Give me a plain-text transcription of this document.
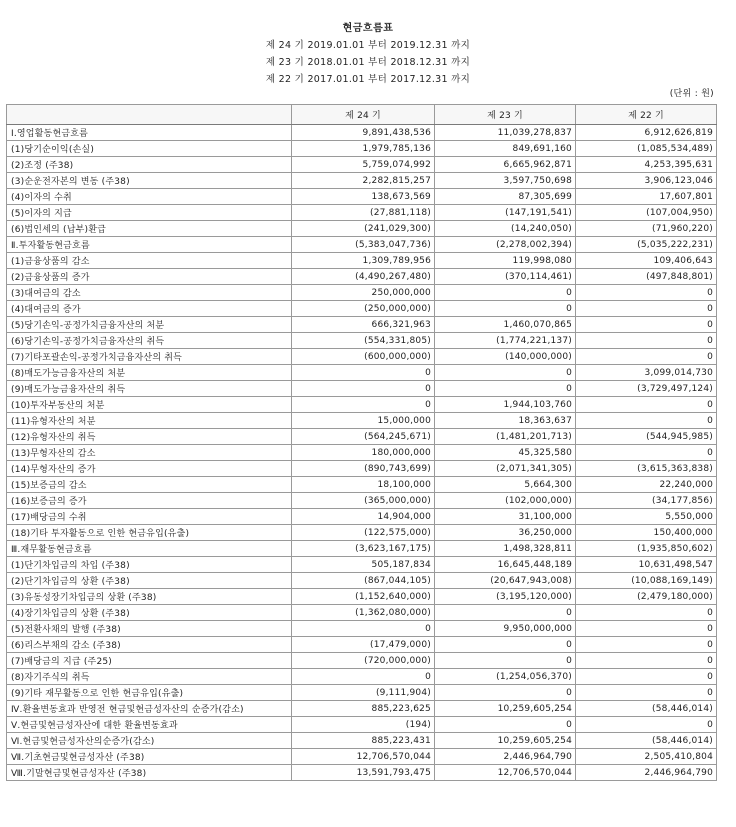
현금흐름표
제 24 기 2019.01.01 부터 2019.12.31 까지
제 23 기 2018.01.01 부터 2018.12.31 까지
제 22 기 2017.01.01 부터 2017.12.31 까지
(단위 : 원)
	제 24 기	제 23 기	제 22 기
Ⅰ.영업활동현금흐름	9,891,438,536	11,039,278,837	6,912,626,819
(1)당기순이익(손실)	1,979,785,136	849,691,160	(1,085,534,489)
(2)조정 (주38)	5,759,074,992	6,665,962,871	4,253,395,631
(3)순운전자본의 변동 (주38)	2,282,815,257	3,597,750,698	3,906,123,046
(4)이자의 수취	138,673,569	87,305,699	17,607,801
(5)이자의 지급	(27,881,118)	(147,191,541)	(107,004,950)
(6)법인세의 (납부)환급	(241,029,300)	(14,240,050)	(71,960,220)
Ⅱ.투자활동현금흐름	(5,383,047,736)	(2,278,002,394)	(5,035,222,231)
(1)금융상품의 감소	1,309,789,956	119,998,080	109,406,643
(2)금융상품의 증가	(4,490,267,480)	(370,114,461)	(497,848,801)
(3)대여금의 감소	250,000,000	0	0
(4)대여금의 증가	(250,000,000)	0	0
(5)당기손익-공정가치금융자산의 처분	666,321,963	1,460,070,865	0
(6)당기손익-공정가치금융자산의 취득	(554,331,805)	(1,774,221,137)	0
(7)기타포괄손익-공정가치금융자산의 취득	(600,000,000)	(140,000,000)	0
(8)매도가능금융자산의 처분	0	0	3,099,014,730
(9)매도가능금융자산의 취득	0	0	(3,729,497,124)
(10)투자부동산의 처분	0	1,944,103,760	0
(11)유형자산의 처분	15,000,000	18,363,637	0
(12)유형자산의 취득	(564,245,671)	(1,481,201,713)	(544,945,985)
(13)무형자산의 감소	180,000,000	45,325,580	0
(14)무형자산의 증가	(890,743,699)	(2,071,341,305)	(3,615,363,838)
(15)보증금의 감소	18,100,000	5,664,300	22,240,000
(16)보증금의 증가	(365,000,000)	(102,000,000)	(34,177,856)
(17)배당금의 수취	14,904,000	31,100,000	5,550,000
(18)기타 투자활동으로 인한 현금유입(유출)	(122,575,000)	36,250,000	150,400,000
Ⅲ.재무활동현금흐름	(3,623,167,175)	1,498,328,811	(1,935,850,602)
(1)단기차입금의 차입 (주38)	505,187,834	16,645,448,189	10,631,498,547
(2)단기차입금의 상환 (주38)	(867,044,105)	(20,647,943,008)	(10,088,169,149)
(3)유동성장기차입금의 상환 (주38)	(1,152,640,000)	(3,195,120,000)	(2,479,180,000)
(4)장기차입금의 상환 (주38)	(1,362,080,000)	0	0
(5)전환사채의 발행 (주38)	0	9,950,000,000	0
(6)리스부채의 감소 (주38)	(17,479,000)	0	0
(7)배당금의 지급 (주25)	(720,000,000)	0	0
(8)자기주식의 취득	0	(1,254,056,370)	0
(9)기타 재무활동으로 인한 현금유입(유출)	(9,111,904)	0	0
Ⅳ.환율변동효과 반영전 현금및현금성자산의 순증가(감소)	885,223,625	10,259,605,254	(58,446,014)
Ⅴ.현금및현금성자산에 대한 환율변동효과	(194)	0	0
Ⅵ.현금및현금성자산의순증가(감소)	885,223,431	10,259,605,254	(58,446,014)
Ⅶ.기초현금및현금성자산 (주38)	12,706,570,044	2,446,964,790	2,505,410,804
Ⅷ.기말현금및현금성자산 (주38)	13,591,793,475	12,706,570,044	2,446,964,790
